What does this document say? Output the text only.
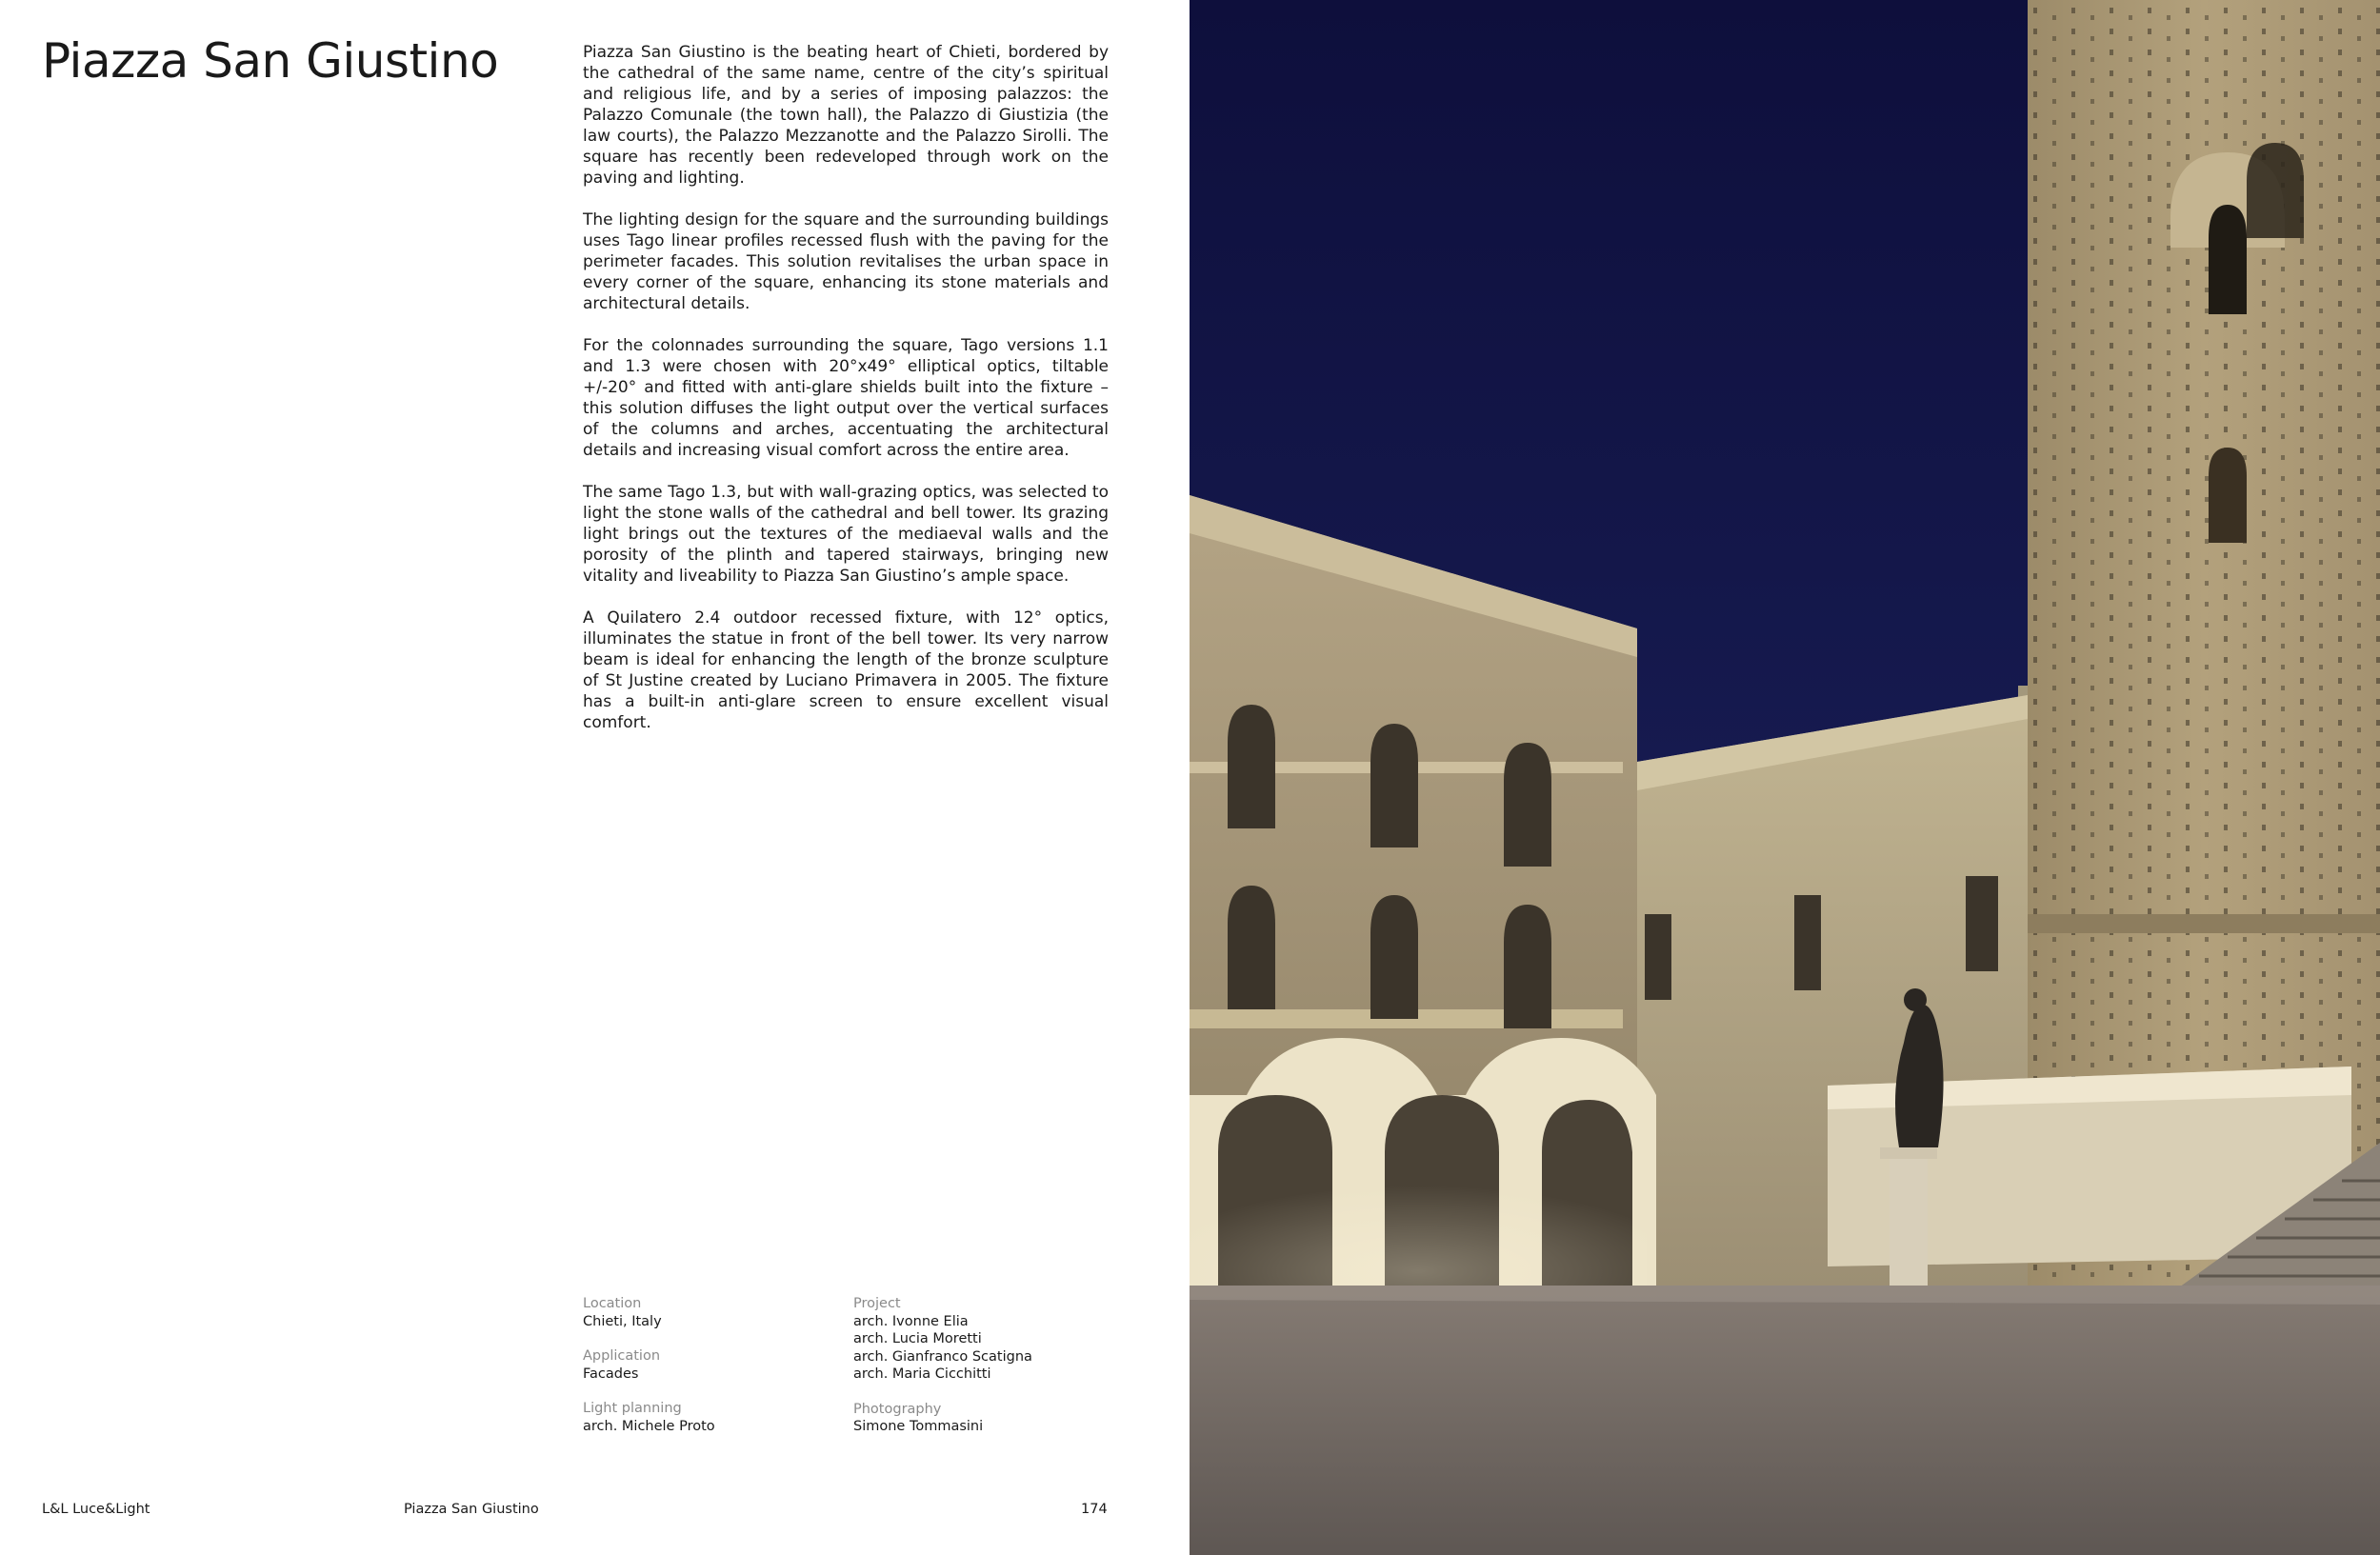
Piazza San Giustino	Piazza San Giustino is the beating heart of Chieti, bordered by the cathedral of the same name, centre of the city’s spiritual and religious life, and by a series of imposing palazzos: the Palazzo Comunale (the town hall), the Palazzo di Giustizia (the law courts), the Palazzo Mezzanotte and the Palazzo Sirolli. The square has recently been redeveloped through work on the paving and lighting.

The lighting design for the square and the surrounding buildings uses Tago linear profiles recessed flush with the paving for the perimeter facades. This solution revitalises the urban space in every corner of the square, enhancing its stone materials and architectural details.

For the colonnades surrounding the square, Tago versions 1.1 and 1.3 were chosen with 20°x49° elliptical optics, tiltable +/-20° and fitted with anti-glare shields built into the fixture – this solution diffuses the light output over the vertical surfaces of the columns and arches, accentuating the architectural details and increasing visual comfort across the entire area.

The same Tago 1.3, but with wall-grazing optics, was selected to light the stone walls of the cathedral and bell tower. Its grazing light brings out the textures of the mediaeval walls and the porosity of the plinth and tapered stairways, bringing new vitality and liveability to Piazza San Giustino’s ample space.

A Quilatero 2.4 outdoor recessed fixture, with 12° optics, illuminates the statue in front of the bell tower. Its very narrow beam is ideal for enhancing the length of the bronze sculpture of St Justine created by Luciano Primavera in 2005. The fixture has a built-in anti-glare screen to ensure excellent visual comfort.

Location
Chieti, Italy
Application
Facades
Light planning
arch. Michele Proto
Project
arch. Ivonne Elia
arch. Lucia Moretti
arch. Gianfranco Scatigna
arch. Maria Cicchitti
Photography
Simone Tommasini
L&L Luce&Light	Piazza San Giustino	174
